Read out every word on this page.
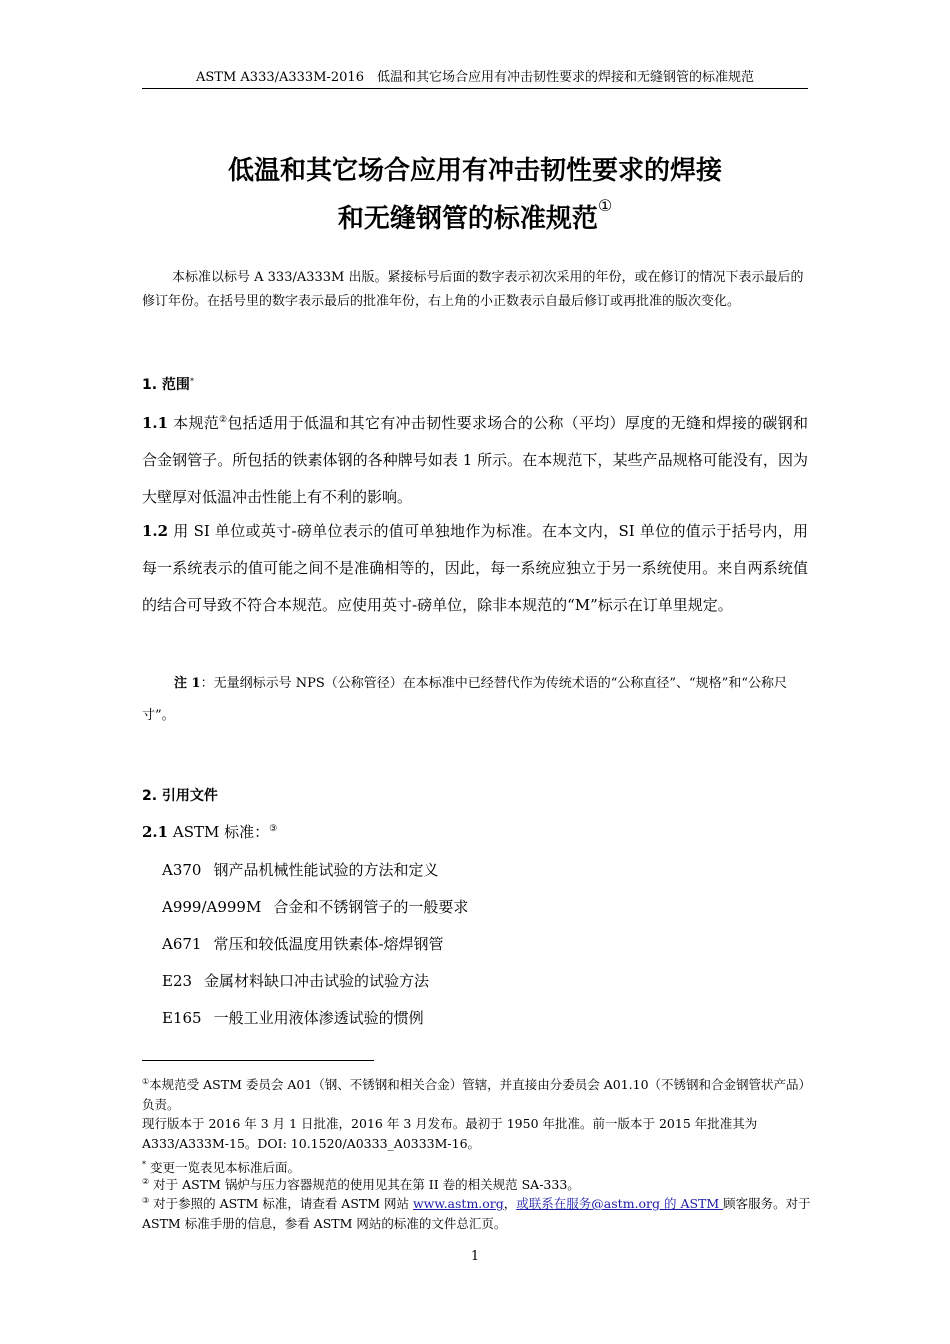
ASTM A333/A333M-2016　低温和其它场合应用有冲击韧性要求的焊接和无缝钢管的标准规范
低温和其它场合应用有冲击韧性要求的焊接
和无缝钢管的标准规范①
本标准以标号 A 333/A333M 出版。紧接标号后面的数字表示初次采用的年份，或在修订的情况下表示最后的修订年份。在括号里的数字表示最后的批准年份，右上角的小正数表示自最后修订或再批准的版次变化。
1. 范围*
1.1 本规范②包括适用于低温和其它有冲击韧性要求场合的公称（平均）厚度的无缝和焊接的碳钢和合金钢管子。所包括的铁素体钢的各种牌号如表 1 所示。在本规范下，某些产品规格可能没有，因为大壁厚对低温冲击性能上有不利的影响。
1.2 用 SI 单位或英寸-磅单位表示的值可单独地作为标准。在本文内，SI 单位的值示于括号内，用每一系统表示的值可能之间不是准确相等的，因此，每一系统应独立于另一系统使用。来自两系统值的结合可导致不符合本规范。应使用英寸-磅单位，除非本规范的“M”标示在订单里规定。
注 1：无量纲标示号 NPS（公称管径）在本标准中已经替代作为传统术语的“公称直径”、“规格”和“公称尺寸”。
2. 引用文件
2.1 ASTM 标准：③
A370 钢产品机械性能试验的方法和定义
A999/A999M 合金和不锈钢管子的一般要求
A671 常压和较低温度用铁素体-熔焊钢管
E23 金属材料缺口冲击试验的试验方法
E165 一般工业用液体渗透试验的惯例
①本规范受 ASTM 委员会 A01（钢、不锈钢和相关合金）管辖，并直接由分委员会 A01.10（不锈钢和合金钢管状产品）负责。
现行版本于 2016 年 3 月 1 日批准，2016 年 3 月发布。最初于 1950 年批准。前一版本于 2015 年批准其为 A333/A333M-15。DOI: 10.1520/A0333_A0333M-16。
* 变更一览表见本标准后面。
② 对于 ASTM 锅炉与压力容器规范的使用见其在第 II 卷的相关规范 SA-333。
③ 对于参照的 ASTM 标准，请查看 ASTM 网站 www.astm.org，或联系在服务@astm.org 的 ASTM 顾客服务。对于 ASTM 标准手册的信息，参看 ASTM 网站的标准的文件总汇页。
1
